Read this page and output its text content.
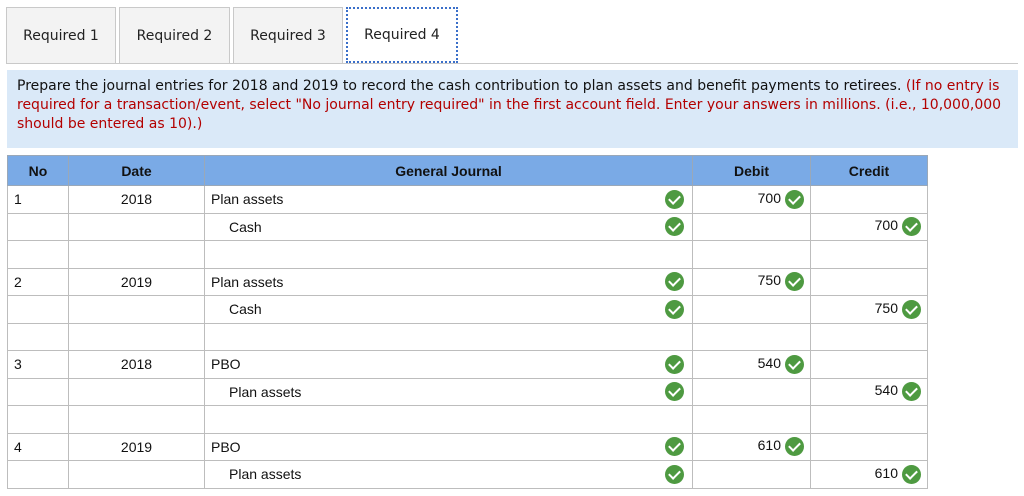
Required 1	Required 2	Required 3	Required 4
Prepare the journal entries for 2018 and 2019 to record the cash contribution to plan assets and benefit payments to retirees. (If no entry is required for a transaction/event, select "No journal entry required" in the first account field. Enter your answers in millions. (i.e., 10,000,000 should be entered as 10).)
No	Date	General Journal	Debit	Credit
1	2018	Plan assets	700	
		Cash		700

2	2019	Plan assets	750	
		Cash		750

3	2018	PBO	540	
		Plan assets		540

4	2019	PBO	610	
		Plan assets		610
